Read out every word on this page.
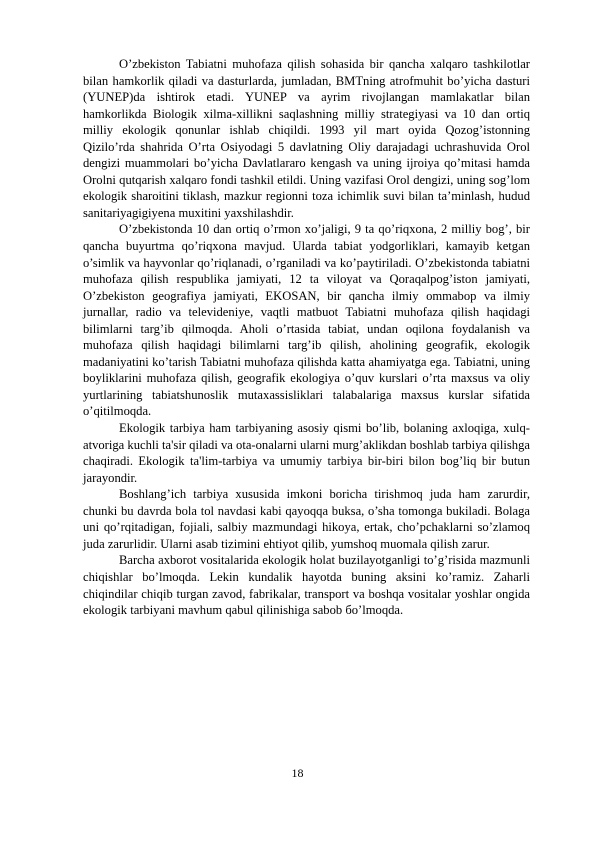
O’zbekiston Tabiatni muhofaza qilish sohasida bir qancha xalqaro tashkilotlar bilan hamkorlik qiladi va dasturlarda, jumladan, BMTning atrofmuhit bo’yicha dasturi (YUNEP)da ishtirok etadi. YUNEP va ayrim rivojlangan mamlakatlar bilan hamkorlikda Biologik xilma-xillikni saqlashning milliy strategiyasi va 10 dan ortiq milliy ekologik qonunlar ishlab chiqildi. 1993 yil mart oyida Qozog’istonning Qizilo’rda shahrida O’rta Osiyodagi 5 davlatning Oliy darajadagi uchrashuvida Orol dengizi muammolari bo’yicha Davlatlararo kengash va uning ijroiya qo’mitasi hamda Orolni qutqarish xalqaro fondi tashkil etildi. Uning vazifasi Orol dengizi, uning sog’lom ekologik sharoitini tiklash, mazkur regionni toza ichimlik suvi bilan ta’minlash, hudud sanitariyagigiyena muxitini yaxshilashdir.

O’zbekistonda 10 dan ortiq o’rmon xo’jaligi, 9 ta qo’riqxona, 2 milliy bog’, bir qancha buyurtma qo’riqxona mavjud. Ularda tabiat yodgorliklari, kamayib ketgan o’simlik va hayvonlar qo’riqlanadi, o’rganiladi va ko’paytiriladi. O’zbekistonda tabiatni muhofaza qilish respublika jamiyati, 12 ta viloyat va Qoraqalpog’iston jamiyati, O’zbekiston geografiya jamiyati, EKOSAN, bir qancha ilmiy ommabop va ilmiy jurnallar, radio va televideniye, vaqtli matbuot Tabiatni muhofaza qilish haqidagi bilimlarni targ’ib qilmoqda. Aholi o’rtasida tabiat, undan oqilona foydalanish va muhofaza qilish haqidagi bilimlarni targ’ib qilish, aholining geografik, ekologik madaniyatini ko’tarish Tabiatni muhofaza qilishda katta ahamiyatga ega. Tabiatni, uning boyliklarini muhofaza qilish, geografik ekologiya o’quv kurslari o’rta maxsus va oliy yurtlarining tabiatshunoslik mutaxassisliklari talabalariga maxsus kurslar sifatida o’qitilmoqda.

Ekologik tarbiya ham tarbiyaning asosiy qismi bo’lib, bolaning axloqiga, xulq-atvoriga kuchli ta'sir qiladi va ota-onalarni ularni murg’aklikdan boshlab tarbiya qilishga chaqiradi. Ekologik ta'lim-tarbiya va umumiy tarbiya bir-biri bilon bog’liq bir butun jarayondir.

Boshlang’ich tarbiya xususida imkoni boricha tirishmoq juda ham zarurdir, chunki bu davrda bola tol navdasi kabi qayoqqa buksa, o’sha tomonga bukiladi. Bolaga uni qo’rqitadigan, fojiali, salbiy mazmundagi hikoya, ertak, cho’pchaklarni so’zlamoq juda zarurlidir. Ularni asab tizimini ehtiyot qilib, yumshoq muomala qilish zarur.

Barcha axborot vositalarida ekologik holat buzilayotganligi to’g’risida mazmunli chiqishlar bo’lmoqda. Lekin kundalik hayotda buning aksini ko’ramiz. Zaharli chiqindilar chiqib turgan zavod, fabrikalar, transport va boshqa vositalar yoshlar ongida ekologik tarbiyani mavhum qabul qilinishiga sabob бo’lmoqda.

18
